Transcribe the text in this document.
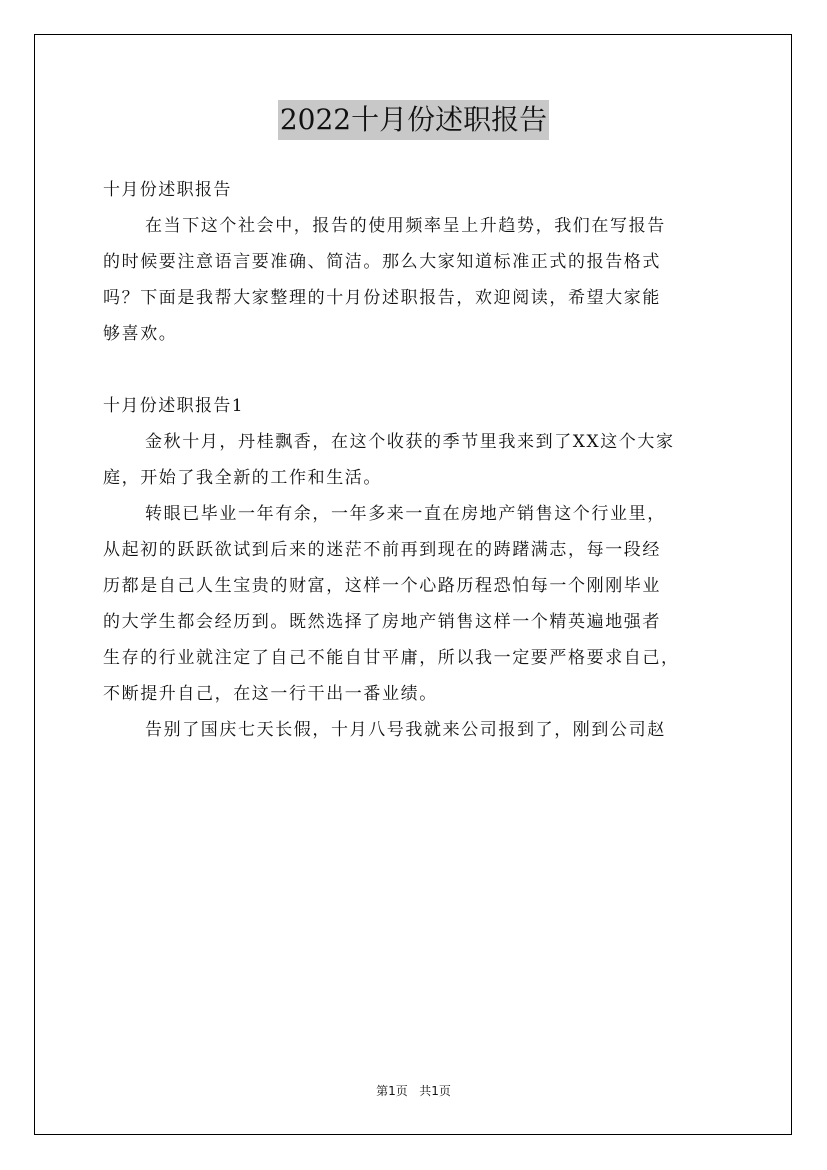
2022十月份述职报告
十月份述职报告
在当下这个社会中，报告的使用频率呈上升趋势，我们在写报告
的时候要注意语言要准确、简洁。那么大家知道标准正式的报告格式
吗？下面是我帮大家整理的十月份述职报告，欢迎阅读，希望大家能
够喜欢。
十月份述职报告1
金秋十月，丹桂飘香，在这个收获的季节里我来到了XX这个大家
庭，开始了我全新的工作和生活。
转眼已毕业一年有余，一年多来一直在房地产销售这个行业里，
从起初的跃跃欲试到后来的迷茫不前再到现在的踌躇满志，每一段经
历都是自己人生宝贵的财富，这样一个心路历程恐怕每一个刚刚毕业
的大学生都会经历到。既然选择了房地产销售这样一个精英遍地强者
生存的行业就注定了自己不能自甘平庸，所以我一定要严格要求自己，
不断提升自己，在这一行干出一番业绩。
告别了国庆七天长假，十月八号我就来公司报到了，刚到公司赵
第1页 共1页
